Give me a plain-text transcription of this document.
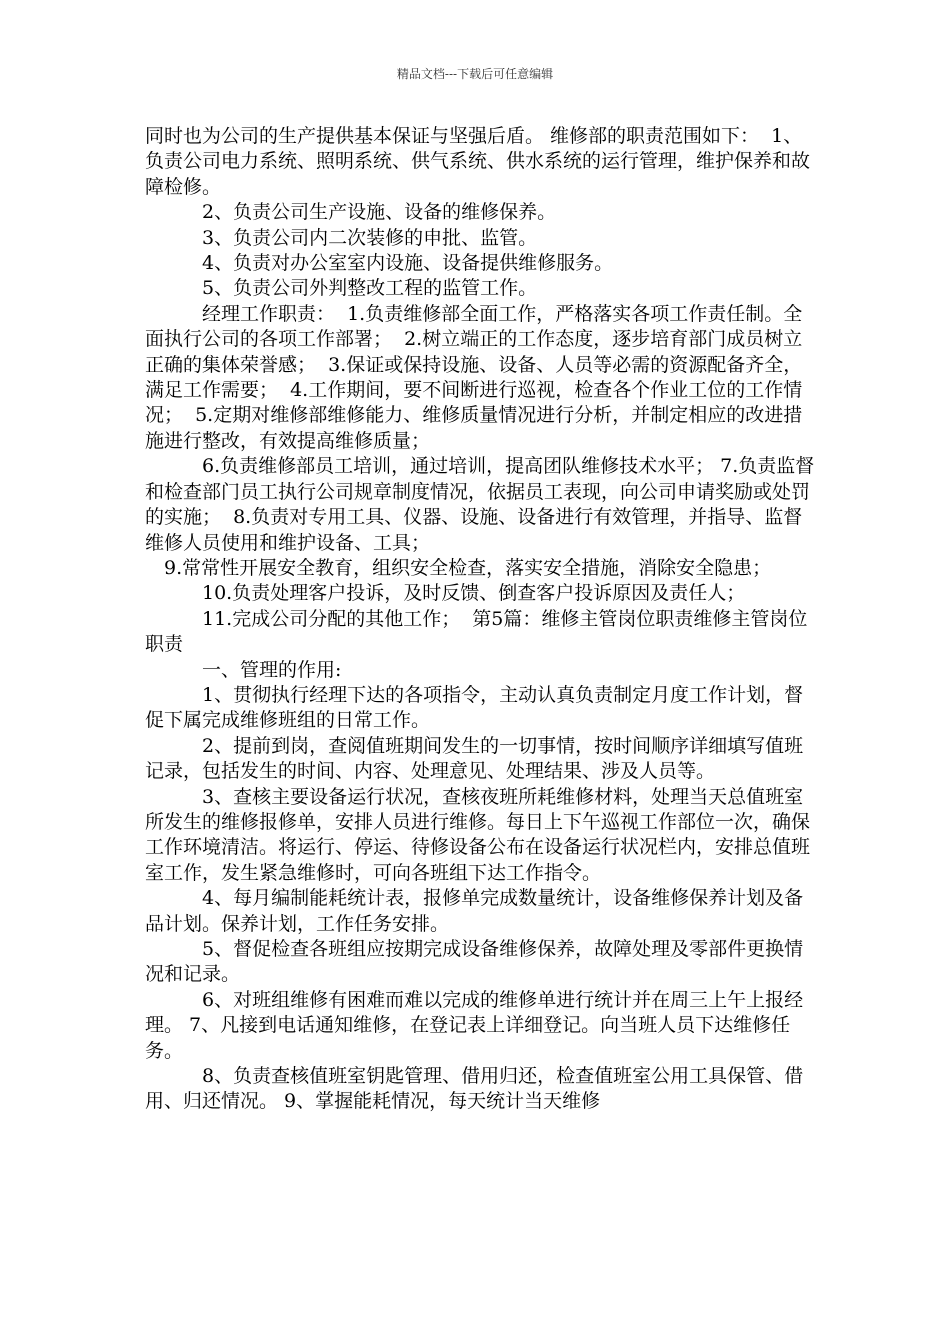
精品文档---下载后可任意编辑

同时也为公司的生产提供基本保证与坚强后盾。 维修部的职责范围如下：  1、负责公司电力系统、照明系统、供气系统、供水系统的运行管理，维护保养和故障检修。

2、负责公司生产设施、设备的维修保养。

3、负责公司内二次装修的申批、监管。

4、负责对办公室室内设施、设备提供维修服务。

5、负责公司外判整改工程的监管工作。

经理工作职责：  1.负责维修部全面工作，严格落实各项工作责任制。全面执行公司的各项工作部署；  2.树立端正的工作态度，逐步培育部门成员树立正确的集体荣誉感；  3.保证或保持设施、设备、人员等必需的资源配备齐全，满足工作需要；  4.工作期间，要不间断进行巡视，检查各个作业工位的工作情况；  5.定期对维修部维修能力、维修质量情况进行分析，并制定相应的改进措施进行整改，有效提高维修质量；

6.负责维修部员工培训，通过培训，提高团队维修技术水平； 7.负责监督和检查部门员工执行公司规章制度情况，依据员工表现，向公司申请奖励或处罚的实施；  8.负责对专用工具、仪器、设施、设备进行有效管理，并指导、监督维修人员使用和维护设备、工具；

9.常常性开展安全教育，组织安全检查，落实安全措施，消除安全隐患；

10.负责处理客户投诉，及时反馈、倒查客户投诉原因及责任人；

11.完成公司分配的其他工作；  第5篇：维修主管岗位职责维修主管岗位职责

一、管理的作用:

1、贯彻执行经理下达的各项指令，主动认真负责制定月度工作计划，督促下属完成维修班组的日常工作。

2、提前到岗，查阅值班期间发生的一切事情，按时间顺序详细填写值班记录，包括发生的时间、内容、处理意见、处理结果、涉及人员等。

3、查核主要设备运行状况，查核夜班所耗维修材料，处理当天总值班室所发生的维修报修单，安排人员进行维修。每日上下午巡视工作部位一次，确保工作环境清洁。将运行、停运、待修设备公布在设备运行状况栏内，安排总值班室工作，发生紧急维修时，可向各班组下达工作指令。

4、每月编制能耗统计表，报修单完成数量统计，设备维修保养计划及备品计划。保养计划，工作任务安排。

5、督促检查各班组应按期完成设备维修保养，故障处理及零部件更换情况和记录。

6、对班组维修有困难而难以完成的维修单进行统计并在周三上午上报经理。 7、凡接到电话通知维修，在登记表上详细登记。向当班人员下达维修任务。

8、负责查核值班室钥匙管理、借用归还，检查值班室公用工具保管、借用、归还情况。 9、掌握能耗情况，每天统计当天维修
